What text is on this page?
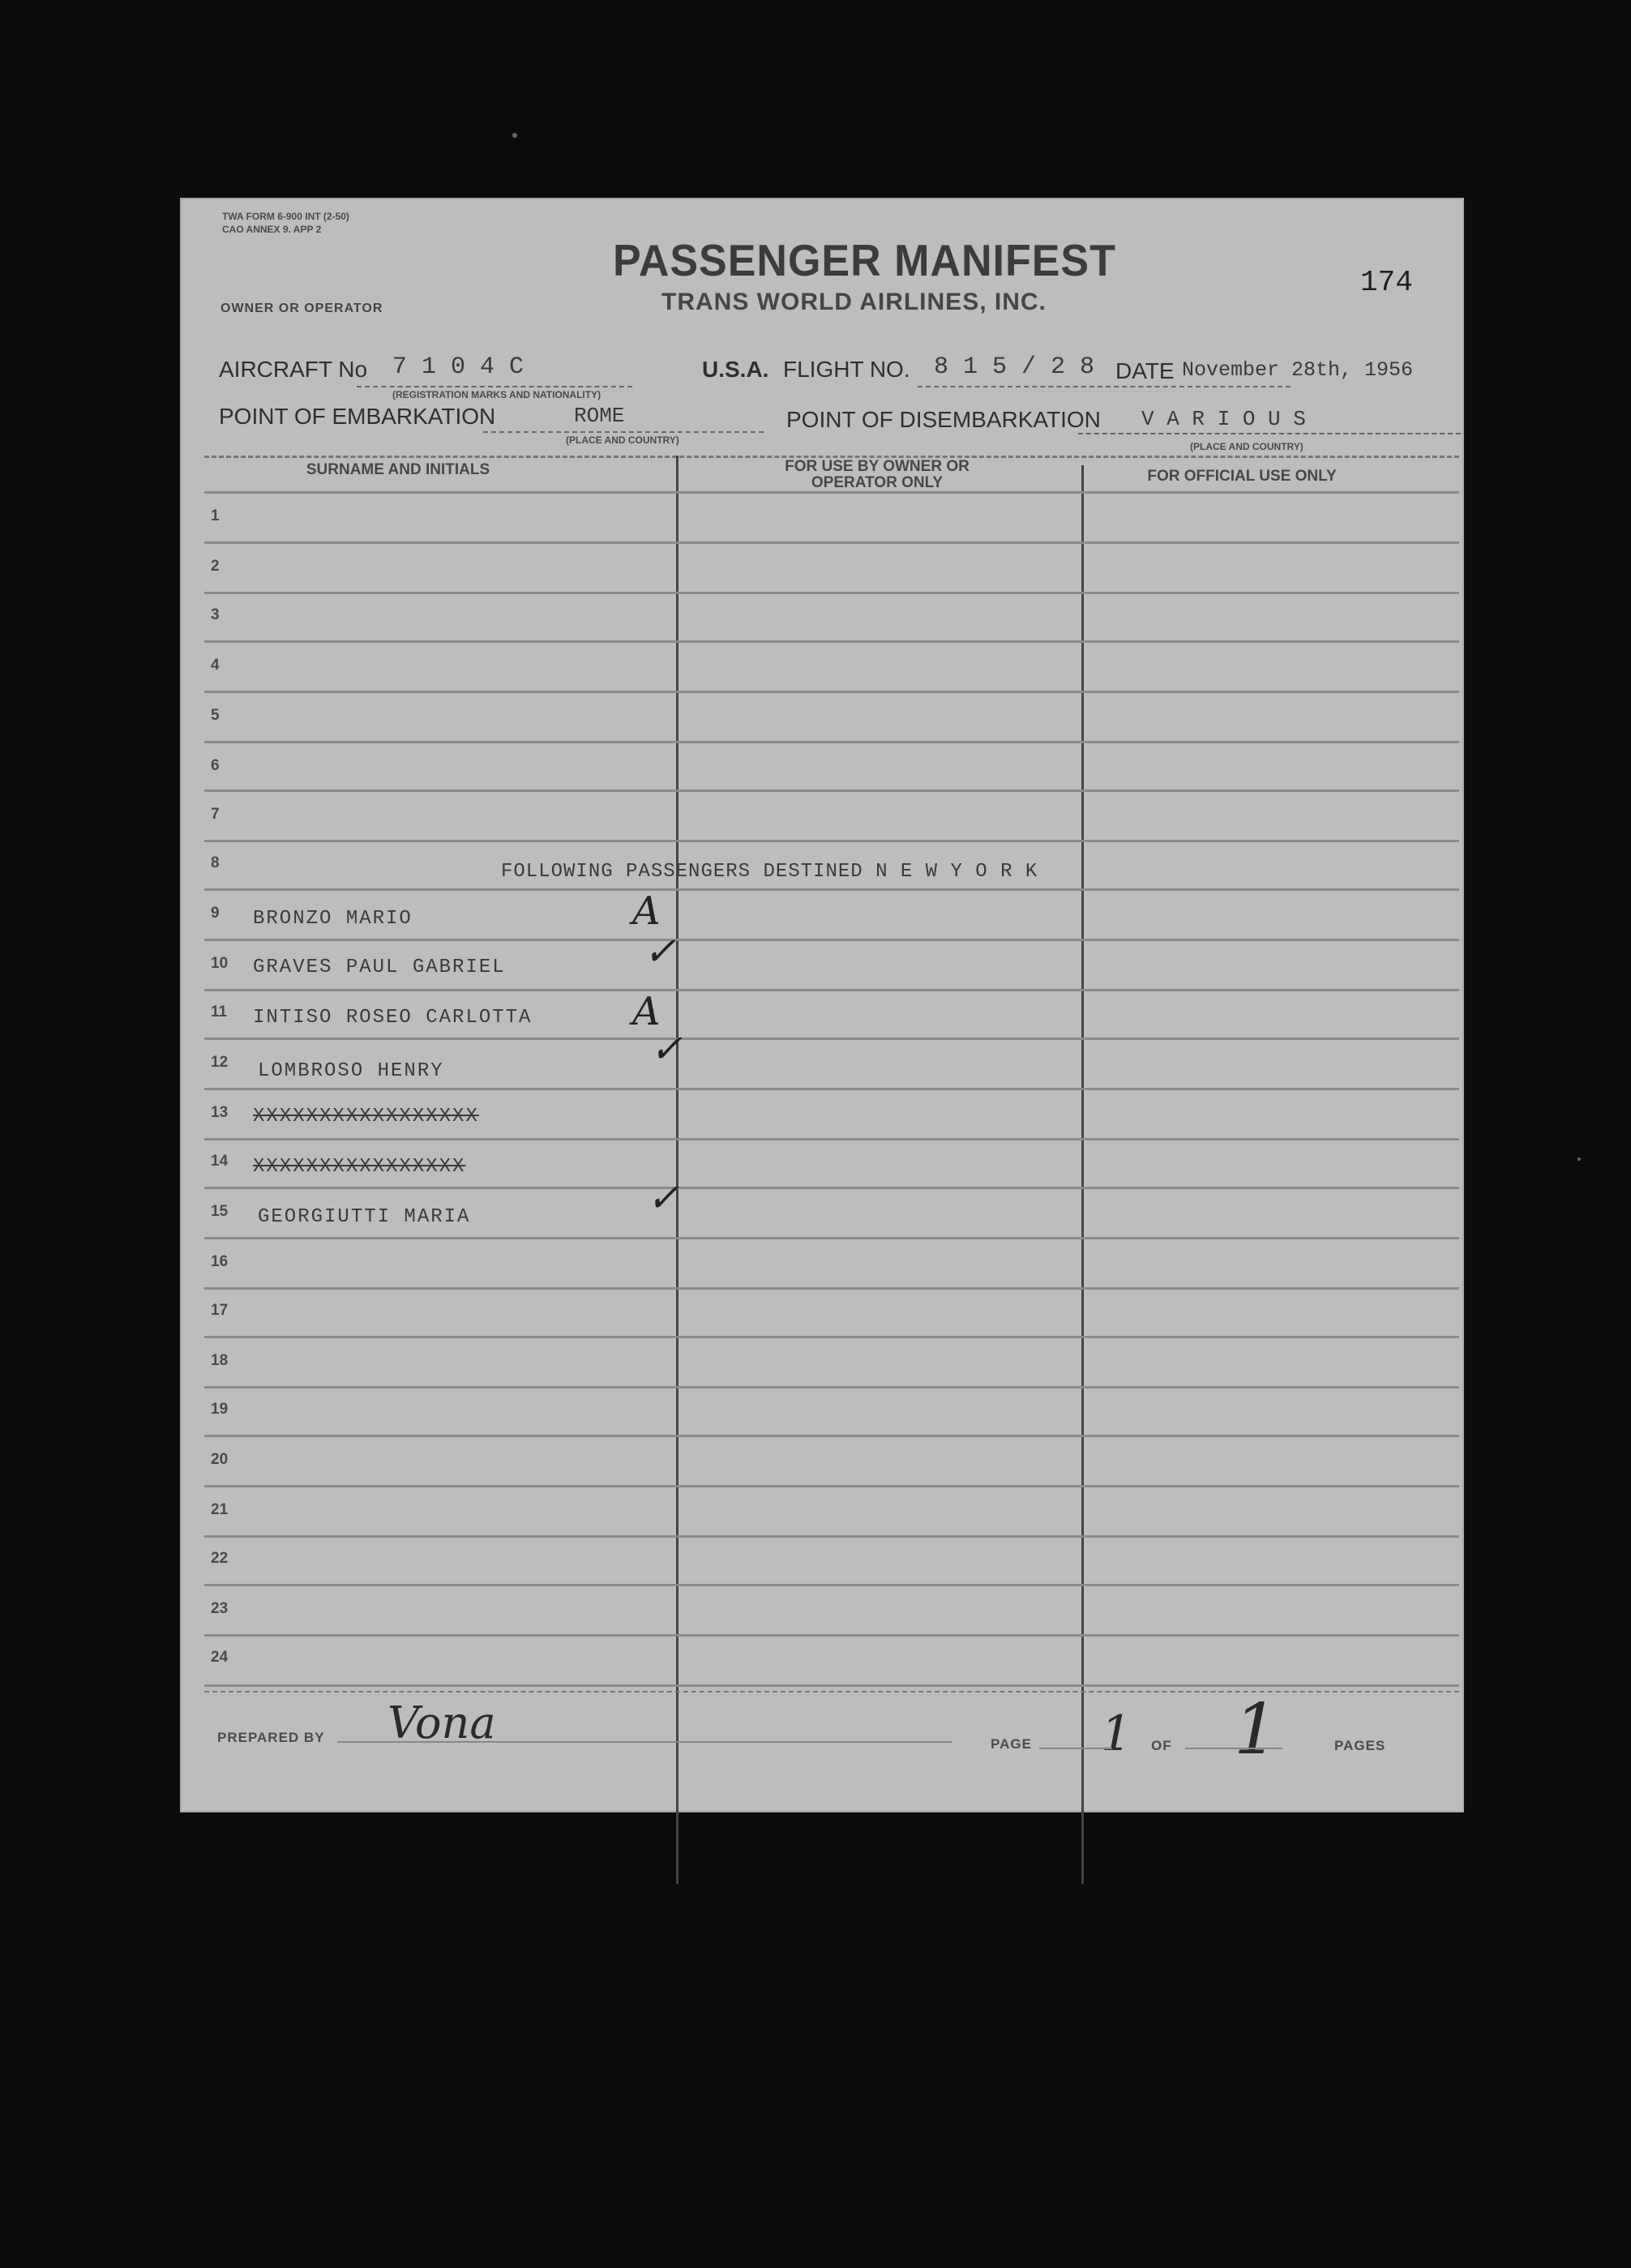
TWA FORM 6-900 INT (2-50)
CAO ANNEX 9. APP 2
OWNER OR OPERATOR
PASSENGER MANIFEST
TRANS WORLD AIRLINES, INC.
174
AIRCRAFT No 7 1 0 4 C
(REGISTRATION MARKS AND NATIONALITY)
U.S.A. FLIGHT NO. 8 1 5 / 2 8 DATE November 28th, 1956
POINT OF EMBARKATION	ROME
(PLACE AND COUNTRY)
POINT OF DISEMBARKATION V A R I O U S
(PLACE AND COUNTRY)
SURNAME AND INITIALS	FOR USE BY OWNER OR OPERATOR ONLY	FOR OFFICIAL USE ONLY
1
2
3
4
5
6
7
8	FOLLOWING PASSENGERS DESTINED N E W Y O R K
9 BRONZO MARIO	A
10 GRAVES PAUL GABRIEL	✓
11 INTISO ROSEO CARLOTTA	A
12 LOMBROSO HENRY	✓
13 XXXXXXXXXXXXXXXXX
14 XXXXXXXXXXXXXXXX
15 GEORGIUTTI MARIA	✓
16
17
18
19
20
21
22
23
24
PREPARED BY Vona	PAGE 1 OF 1	PAGES
